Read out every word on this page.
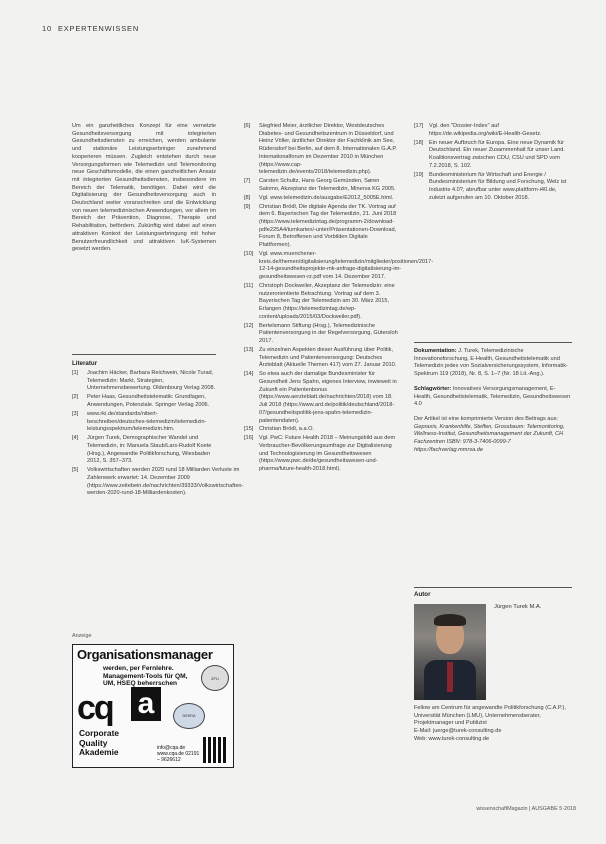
10 EXPERTENWISSEN

Um ein ganzheitliches Konzept für eine vernetzte Gesundheitsversorgung mit integrierten Gesundheitsdiensten zu erreichen, werden ambulante und stationäre Leistungserbringer zunehmend kooperieren müssen. Zugleich entstehen durch neue Versorgungsformen wie Telemedizin und Telemonitoring neue Geschäftsmodelle, die einen ganzheitlichen Ansatz mit integrierten Gesundheitsdiensten, insbesondere im Bereich der Telematik, benötigen. Dabei wird die Digitalisierung der Gesundheitsversorgung auch in Deutschland weiter voranschreiten und die Entwicklung von neuen telemedizinischen Anwendungen, vor allem im Bereich der Prävention, Diagnose, Therapie und Rehabilitation, befördern. Zukünftig wird dabei auf einen attraktiven Kontext der Leistungserbringung mit hoher Benutzerfreundlichkeit und attraktiven IuK-Systemen gesetzt werden.

Literatur
[1]	Joachim Häcker, Barbara Reichwein, Nicole Turad, Telemedizin: Markt, Strategien, Unternehmensbewertung. Oldenbourg Verlag 2008.
[2]	Peter Haas, Gesundheitstelematik: Grundlagen, Anwendungen, Potenziale. Springer Verlag 2006.
[3]	www.rki.de/standards/nibert-beschreiben/deutsches-telemedizin/telemedizin-leistungsspektrum/telemedizin.htm.
[4]	Jürgen Turek, Demographischer Wandel und Telemedizin, in: Manuela Staub/Lars-Rudolf Koete (Hrsg.), Angewandte Politikforschung, Wiesbaden 2012, S. 357–373.
[5]	Volkswirtschaften werden 2020 rund 18 Milliarden Verluste im Zahlenwerk erwartet: 14. Dezember 2009 (https://www.zeitebein.de/nachrichten/39333/Volkswirtschaften-werden-2020-rund-18-Milliardenkosten).
Anzeige
Organisationsmanager
werden, per Fernlehre. Management-Tools für QM, UM, HSEQ beherrschen
ZFU
cq a	DEKRA
Corporate
Quality
Akademie	info@cqa.de www.cqa.de 02191 – 9626612
[6]	Siegfried Meier, ärztlicher Direktor, Westdeutsches Diabetes- und Gesundheitszentrum in Düsseldorf, und Heinz Völler, ärztlicher Direktor der Fachklinik am See, Rüdersdorf bei Berlin, auf dem 8. Internationalen G.A.P. Internationalforum im Dezember 2010 in München (https://www.cap-telemedizin.de/events/2018/telemedizin.php).
[7]	Carsten Schultz, Hans Georg Gemünden, Søren Salomo, Akzeptanz der Telemedizin, Minerva KG 2005.
[8]	Vgl. www.telemedizin.de/ausgabe/E2012_5005E.html.
[9]	Christian Brödl, Die digitale Agenda der TK. Vortrag auf dem 6. Bayerischen Tag der Telemedizin, 21. Juni 2018 (https://www.telemedizintag.de/programm-2/download-pdfe225A4/tumkarten/-unter/Präsentationen-Download, Forum 8, Betroffenen und Vorbilden Digitale Plattformen).
[10]	Vgl. www.muenchener-kreis.de/themen/digitalisierung/telemedizin/mitglieder/positionen/2017-12-14-gesundheitsprojekte-mk-anfrage-digitalisierung-im-gesundheitswesen-rz.pdf vom 14. Dezember 2017.
[11]	Christoph Dockweiler, Akzeptanz der Telemedizin: eine nutzerorientierte Betrachtung. Vortrag auf dem 3. Bayerischen Tag der Telemedizin am 30. März 2015, Erlangen (https://telemedizintag.de/wp-content/uploads/2015/03/Dockweiler.pdf).
[12]	Bertelsmann Stiftung (Hrsg.), Telemedizinische Patientenversorgung in der Regelversorgung, Gütersloh 2017.
[13]	Zu einzelnen Aspekten dieser Ausführung über Politik, Telemedizin und Patientenversorgung: Deutsches Ärzteblatt (Aktuelle Themen 417) vom 27. Januar 2010.
[14]	So etwa auch der damalige Bundesminister für Gesundheit Jens Spahn, eigenes Interview, inwieweit in Zukunft ein Patientenbonus (https://www.aerzteblatt.de/nachrichten/2018) vom 18. Juli 2018 (https://www.ard.de/politik/deutschland/2018-07/gesundheitspolitik-jens-spahn-telemedizin-patientendaten).
[15]	Christian Brödl, a.a.O.
[16]	Vgl. PwC: Future Health 2018 – Meinungsbild aus dem Verbraucher-Bevölkerungsumfrage zur Digitalisierung und Technologisierung im Gesundheitswesen (https://www.pwc.de/de/gesundheitswesen-und-pharma/future-health-2018.html).
[17]	Vgl. den "Dossier-Index" auf https://de.wikipedia.org/wiki/E-Health-Gesetz.
[18]	Ein neuer Aufbruch für Europa. Eine neue Dynamik für Deutschland. Ein neuer Zusammenhalt für unser Land. Koalitionsvertrag zwischen CDU, CSU und SPD vom 7.2.2018, S. 102.
[19]	Bundesministerium für Wirtschaft und Energie / Bundesministerium für Bildung und Forschung, Welz ist Industrie 4.0?, abrufbar unter www.plattform-i40.de, zuletzt aufgerufen am 10. Oktober 2018.

Dokumentation: J. Turek, Telemedizinische Innovationsforschung, E-Health, Gesundheitstelematik und Telemedizin jedes von Sozialversicherungssystem, Informatik-Spektrum 119 (2018), Nr. 8, S. 1–7 (Nr. 18 Lit.-Ang.).

Schlagwörter: Innovatives Versorgungsmanagement, E-Health, Gesundheitstelematik, Telemedizin, Gesundheitswesen 4.0

Der Artikel ist eine komprimierte Version des Beitrags aus: Gepraxis, Krankenhilfe, Steffen, Grossbaum: Telemonitoring, Wellness-Institut, Gesundheitsmanagement der Zukunft, CH Fachzentren ISBN: 978-3-7406-0099-7 https://fachverlag.mmrsa.de

Autor
Jürgen Turek M.A.
Fellow am Centrum für angewandte Politikforschung (C.A.P.), Universität München (LMU), Unternehmensberater, Projektmanager und Publizist
E-Mail: juerge@turek-consulting.de
Web: www.turek-consulting.de
wissenschaftMagazin | AUSGABE 5·2018
